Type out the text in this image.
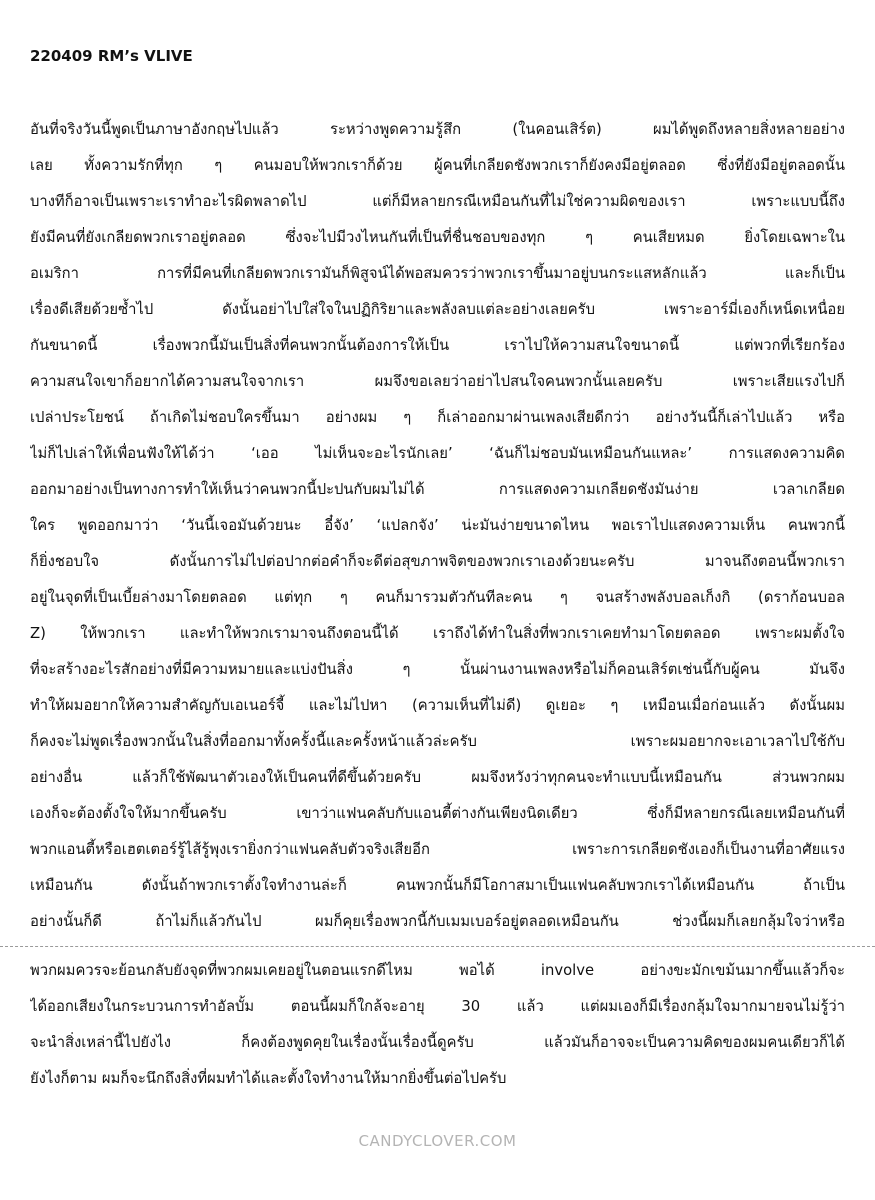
220409 RM’s VLIVE
อันที่จริงวันนี้พูดเป็นภาษาอังกฤษไปแล้ว ระหว่างพูดความรู้สึก (ในคอนเสิร์ต) ผมได้พูดถึงหลายสิ่งหลายอย่าง
เลย ทั้งความรักที่ทุก ๆ คนมอบให้พวกเราก็ด้วย ผู้คนที่เกลียดชังพวกเราก็ยังคงมีอยู่ตลอด ซึ่งที่ยังมีอยู่ตลอดนั้น
บางทีก็อาจเป็นเพราะเราทำอะไรผิดพลาดไป แต่ก็มีหลายกรณีเหมือนกันที่ไม่ใช่ความผิดของเรา เพราะแบบนี้ถึง
ยังมีคนที่ยังเกลียดพวกเราอยู่ตลอด ซึ่งจะไปมีวงไหนกันที่เป็นที่ชื่นชอบของทุก ๆ คนเสียหมด ยิ่งโดยเฉพาะใน
อเมริกา การที่มีคนที่เกลียดพวกเรามันก็พิสูจน์ได้พอสมควรว่าพวกเราขึ้นมาอยู่บนกระแสหลักแล้ว และก็เป็น
เรื่องดีเสียด้วยซ้ำไป ดังนั้นอย่าไปใส่ใจในปฏิกิริยาและพลังลบแต่ละอย่างเลยครับ เพราะอาร์มี่เองก็เหน็ดเหนื่อย
กันขนาดนี้ เรื่องพวกนี้มันเป็นสิ่งที่คนพวกนั้นต้องการให้เป็น เราไปให้ความสนใจขนาดนี้ แต่พวกที่เรียกร้อง
ความสนใจเขาก็อยากได้ความสนใจจากเรา ผมจึงขอเลยว่าอย่าไปสนใจคนพวกนั้นเลยครับ เพราะเสียแรงไปก็
เปล่าประโยชน์ ถ้าเกิดไม่ชอบใครขึ้นมา อย่างผม ๆ ก็เล่าออกมาผ่านเพลงเสียดีกว่า อย่างวันนี้ก็เล่าไปแล้ว หรือ
ไม่ก็ไปเล่าให้เพื่อนฟังให้ได้ว่า ‘เออ ไม่เห็นจะอะไรนักเลย’ ‘ฉันก็ไม่ชอบมันเหมือนกันแหละ’ การแสดงความคิด
ออกมาอย่างเป็นทางการทำให้เห็นว่าคนพวกนี้ปะปนกับผมไม่ได้ การแสดงความเกลียดชังมันง่าย เวลาเกลียด
ใคร พูดออกมาว่า ‘วันนี้เจอมันด้วยนะ อี๋จัง’ ‘แปลกจัง’ น่ะมันง่ายขนาดไหน พอเราไปแสดงความเห็น คนพวกนี้
ก็ยิ่งชอบใจ ดังนั้นการไม่ไปต่อปากต่อคำก็จะดีต่อสุขภาพจิตของพวกเราเองด้วยนะครับ มาจนถึงตอนนี้พวกเรา
อยู่ในจุดที่เป็นเบี้ยล่างมาโดยตลอด แต่ทุก ๆ คนก็มารวมตัวกันทีละคน ๆ จนสร้างพลังบอลเก็งกิ (ดราก้อนบอล
Z) ให้พวกเรา และทำให้พวกเรามาจนถึงตอนนี้ได้ เราถึงได้ทำในสิ่งที่พวกเราเคยทำมาโดยตลอด เพราะผมตั้งใจ
ที่จะสร้างอะไรสักอย่างที่มีความหมายและแบ่งปันสิ่ง ๆ นั้นผ่านงานเพลงหรือไม่ก็คอนเสิร์ตเช่นนี้กับผู้คน มันจึง
ทำให้ผมอยากให้ความสำคัญกับเอเนอร์จี้ และไม่ไปหา (ความเห็นที่ไม่ดี) ดูเยอะ ๆ เหมือนเมื่อก่อนแล้ว ดังนั้นผม
ก็คงจะไม่พูดเรื่องพวกนั้นในสิ่งที่ออกมาทั้งครั้งนี้และครั้งหน้าแล้วล่ะครับ เพราะผมอยากจะเอาเวลาไปใช้กับ
อย่างอื่น แล้วก็ใช้พัฒนาตัวเองให้เป็นคนที่ดีขึ้นด้วยครับ ผมจึงหวังว่าทุกคนจะทำแบบนี้เหมือนกัน ส่วนพวกผม
เองก็จะต้องตั้งใจให้มากขึ้นครับ เขาว่าแฟนคลับกับแอนตี้ต่างกันเพียงนิดเดียว ซึ่งก็มีหลายกรณีเลยเหมือนกันที่
พวกแอนตี้หรือเฮตเตอร์รู้ไส้รู้พุงเรายิ่งกว่าแฟนคลับตัวจริงเสียอีก เพราะการเกลียดชังเองก็เป็นงานที่อาศัยแรง
เหมือนกัน ดังนั้นถ้าพวกเราตั้งใจทำงานล่ะก็ คนพวกนั้นก็มีโอกาสมาเป็นแฟนคลับพวกเราได้เหมือนกัน ถ้าเป็น
อย่างนั้นก็ดี ถ้าไม่ก็แล้วกันไป ผมก็คุยเรื่องพวกนี้กับเมมเบอร์อยู่ตลอดเหมือนกัน ช่วงนี้ผมก็เลยกลุ้มใจว่าหรือ
พวกผมควรจะย้อนกลับยังจุดที่พวกผมเคยอยู่ในตอนแรกดีไหม พอได้ involve อย่างขะมักเขม้นมากขึ้นแล้วก็จะ
ได้ออกเสียงในกระบวนการทำอัลบั้ม ตอนนี้ผมก็ใกล้จะอายุ 30 แล้ว แต่ผมเองก็มีเรื่องกลุ้มใจมากมายจนไม่รู้ว่า
จะนำสิ่งเหล่านี้ไปยังไง ก็คงต้องพูดคุยในเรื่องนั้นเรื่องนี้ดูครับ แล้วมันก็อาจจะเป็นความคิดของผมคนเดียวก็ได้
ยังไงก็ตาม ผมก็จะนึกถึงสิ่งที่ผมทำได้และตั้งใจทำงานให้มากยิ่งขึ้นต่อไปครับ
CANDYCLOVER.COM
